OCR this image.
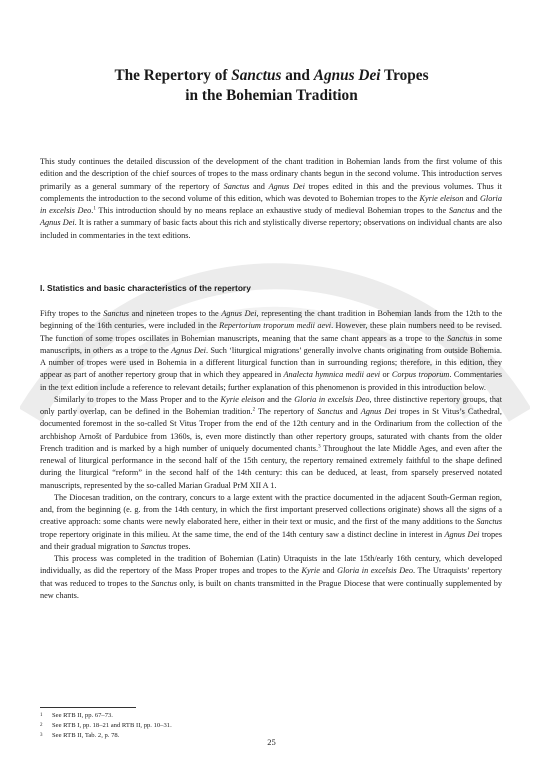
The Repertory of Sanctus and Agnus Dei Tropes
in the Bohemian Tradition

This study continues the detailed discussion of the development of the chant tradition in Bohemian lands from the first volume of this edition and the description of the chief sources of tropes to the mass ordinary chants begun in the second volume. This introduction serves primarily as a general summary of the repertory of Sanctus and Agnus Dei tropes edited in this and the previous volumes. Thus it complements the introduction to the second volume of this edition, which was devoted to Bohemian tropes to the Kyrie eleison and Gloria in excelsis Deo.$^1$ This introduction should by no means replace an exhaustive study of medieval Bohemian tropes to the Sanctus and the Agnus Dei. It is rather a summary of basic facts about this rich and stylistically diverse repertory; observations on individual chants are also included in commentaries in the text editions.

I. Statistics and basic characteristics of the repertory

Fifty tropes to the Sanctus and nineteen tropes to the Agnus Dei, representing the chant tradition in Bohemian lands from the 12th to the beginning of the 16th centuries, were included in the Repertorium troporum medii aevi. However, these plain numbers need to be revised. The function of some tropes oscillates in Bohemian manuscripts, meaning that the same chant appears as a trope to the Sanctus in some manuscripts, in others as a trope to the Agnus Dei. Such ‘liturgical migrations’ generally involve chants originating from outside Bohemia. A number of tropes were used in Bohemia in a different liturgical function than in surrounding regions; therefore, in this edition, they appear as part of another repertory group that in which they appeared in Analecta hymnica medii aevi or Corpus troporum. Commentaries in the text edition include a reference to relevant details; further explanation of this phenomenon is provided in this introduction below.

Similarly to tropes to the Mass Proper and to the Kyrie eleison and the Gloria in excelsis Deo, three distinctive repertory groups, that only partly overlap, can be defined in the Bohemian tradition.$^2$ The repertory of Sanctus and Agnus Dei tropes in St Vitus’s Cathedral, documented foremost in the so-called St Vitus Troper from the end of the 12th century and in the Ordinarium from the collection of the archbishop Arnošt of Pardubice from 1360s, is, even more distinctly than other repertory groups, saturated with chants from the older French tradition and is marked by a high number of uniquely documented chants.$^3$ Throughout the late Middle Ages, and even after the renewal of liturgical performance in the second half of the 15th century, the repertory remained extremely faithful to the shape defined during the liturgical “reform” in the second half of the 14th century: this can be deduced, at least, from sparsely preserved notated manuscripts, represented by the so-called Marian Gradual PrM XII A 1.

The Diocesan tradition, on the contrary, concurs to a large extent with the practice documented in the adjacent South-German region, and, from the beginning (e. g. from the 14th century, in which the first important preserved collections originate) shows all the signs of a creative approach: some chants were newly elaborated here, either in their text or music, and the first of the many additions to the Sanctus trope repertory originate in this milieu. At the same time, the end of the 14th century saw a distinct decline in interest in Agnus Dei tropes and their gradual migration to Sanctus tropes.

This process was completed in the tradition of Bohemian (Latin) Utraquists in the late 15th/early 16th century, which developed individually, as did the repertory of the Mass Proper tropes and tropes to the Kyrie and Gloria in excelsis Deo. The Utraquists’ repertory that was reduced to tropes to the Sanctus only, is built on chants transmitted in the Prague Diocese that were continually supplemented by new chants.

1	See RTB II, pp. 67–73.
2	See RTB I, pp. 18–21 and RTB II, pp. 10–31.
3	See RTB II, Tab. 2, p. 78.
25
